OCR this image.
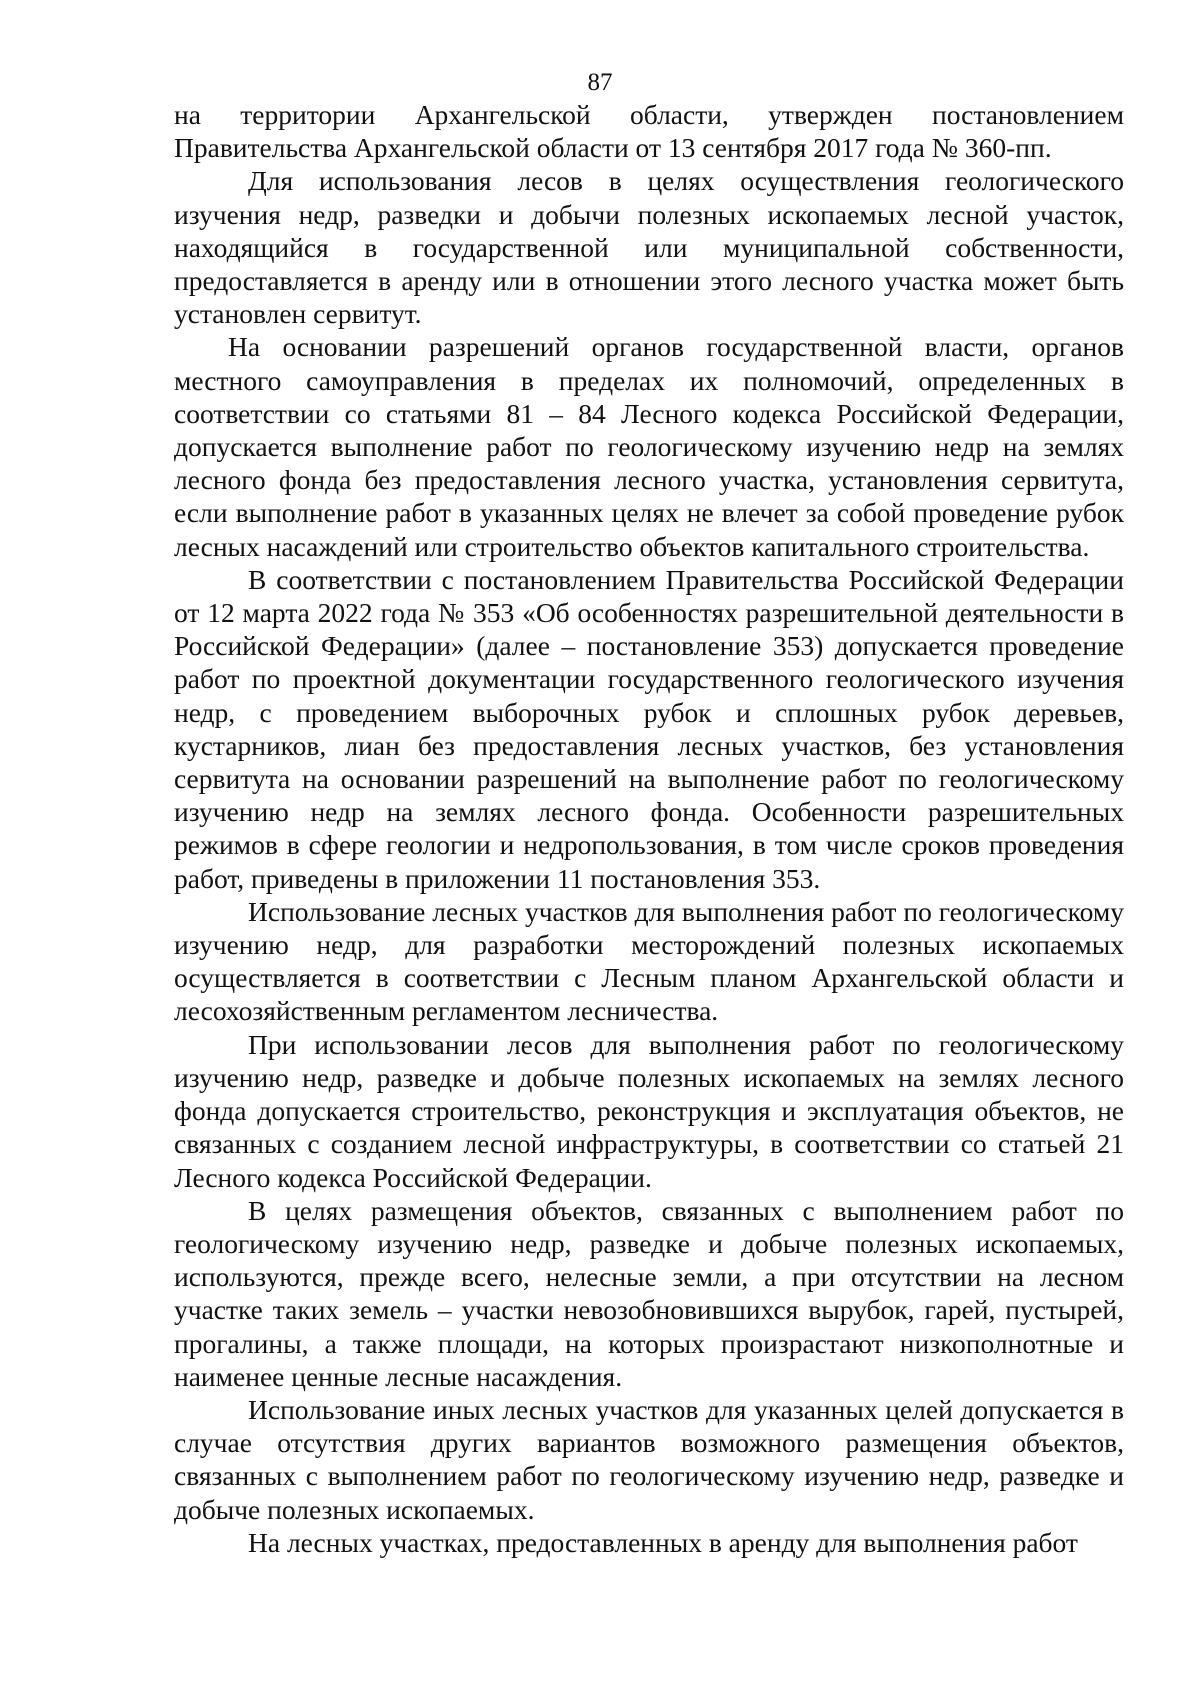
87

на территории Архангельской области, утвержден постановлением Правительства Архангельской области от 13 сентября 2017 года № 360-пп.

Для использования лесов в целях осуществления геологического изучения недр, разведки и добычи полезных ископаемых лесной участок, находящийся в государственной или муниципальной собственности, предоставляется в аренду или в отношении этого лесного участка может быть установлен сервитут.

На основании разрешений органов государственной власти, органов местного самоуправления в пределах их полномочий, определенных в соответствии со статьями 81 – 84 Лесного кодекса Российской Федерации, допускается выполнение работ по геологическому изучению недр на землях лесного фонда без предоставления лесного участка, установления сервитута, если выполнение работ в указанных целях не влечет за собой проведение рубок лесных насаждений или строительство объектов капитального строительства.

В соответствии с постановлением Правительства Российской Федерации от 12 марта 2022 года № 353 «Об особенностях разрешительной деятельности в Российской Федерации» (далее – постановление 353) допускается проведение работ по проектной документации государственного геологического изучения недр, с проведением выборочных рубок и сплошных рубок деревьев, кустарников, лиан без предоставления лесных участков, без установления сервитута на основании разрешений на выполнение работ по геологическому изучению недр на землях лесного фонда. Особенности разрешительных режимов в сфере геологии и недропользования, в том числе сроков проведения работ, приведены в приложении 11 постановления 353.

Использование лесных участков для выполнения работ по геологическому изучению недр, для разработки месторождений полезных ископаемых осуществляется в соответствии с Лесным планом Архангельской области и лесохозяйственным регламентом лесничества.

При использовании лесов для выполнения работ по геологическому изучению недр, разведке и добыче полезных ископаемых на землях лесного фонда допускается строительство, реконструкция и эксплуатация объектов, не связанных с созданием лесной инфраструктуры, в соответствии со статьей 21 Лесного кодекса Российской Федерации.

В целях размещения объектов, связанных с выполнением работ по геологическому изучению недр, разведке и добыче полезных ископаемых, используются, прежде всего, нелесные земли, а при отсутствии на лесном участке таких земель – участки невозобновившихся вырубок, гарей, пустырей, прогалины, а также площади, на которых произрастают низкополнотные и наименее ценные лесные насаждения.

Использование иных лесных участков для указанных целей допускается в случае отсутствия других вариантов возможного размещения объектов, связанных с выполнением работ по геологическому изучению недр, разведке и добыче полезных ископаемых.

На лесных участках, предоставленных в аренду для выполнения работ
